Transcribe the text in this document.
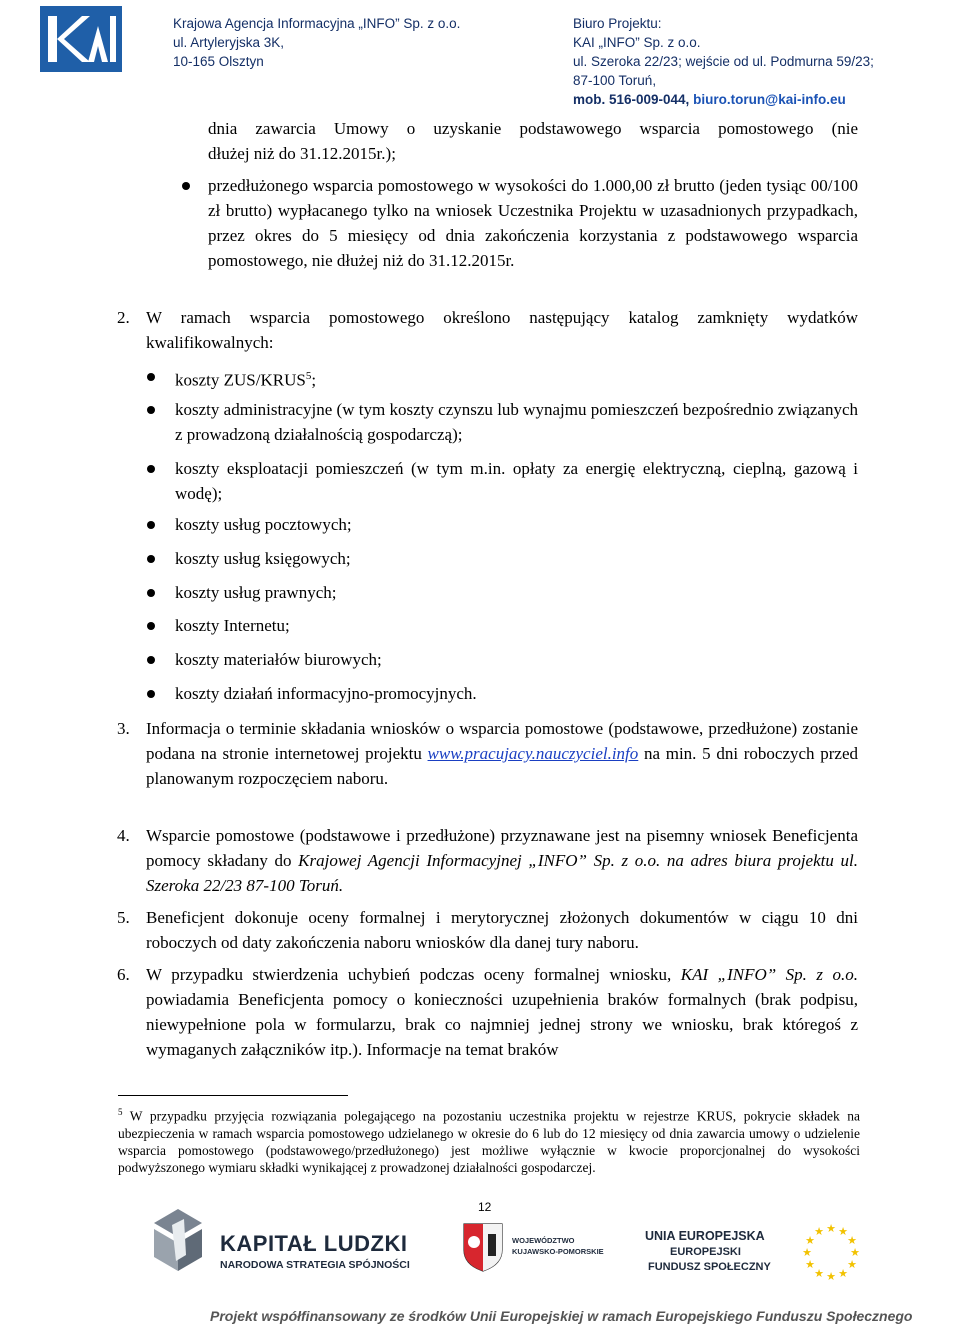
Krajowa Agencja Informacyjna „INFO” Sp. z o.o.
ul. Artyleryjska 3K,
10-165 Olsztyn
Biuro Projektu:
KAI „INFO” Sp. z o.o.
ul. Szeroka 22/23; wejście od ul. Podmurna 59/23;
87-100 Toruń,
mob. 516-009-044, biuro.torun@kai-info.eu
dnia zawarcia Umowy o uzyskanie podstawowego wsparcia pomostowego (nie
dłużej niż do 31.12.2015r.);
przedłużonego wsparcia pomostowego w wysokości do 1.000,00 zł brutto (jeden tysiąc 00/100 zł brutto) wypłacanego tylko na wniosek Uczestnika Projektu w uzasadnionych przypadkach, przez okres do 5 miesięcy od dnia zakończenia korzystania z podstawowego wsparcia pomostowego, nie dłużej niż do 31.12.2015r.
2. W ramach wsparcia pomostowego określono następujący katalog zamknięty wydatków kwalifikowalnych:
koszty ZUS/KRUS$^5$;
koszty administracyjne (w tym koszty czynszu lub wynajmu pomieszczeń bezpośrednio związanych z prowadzoną działalnością gospodarczą);
koszty eksploatacji pomieszczeń (w tym m.in. opłaty za energię elektryczną, cieplną, gazową i wodę);
koszty usług pocztowych;
koszty usług księgowych;
koszty usług prawnych;
koszty Internetu;
koszty materiałów biurowych;
koszty działań informacyjno-promocyjnych.
3. Informacja o terminie składania wniosków o wsparcia pomostowe (podstawowe, przedłużone) zostanie podana na stronie internetowej projektu www.pracujacy.nauczyciel.info na min. 5 dni roboczych przed planowanym rozpoczęciem naboru.
4. Wsparcie pomostowe (podstawowe i przedłużone) przyznawane jest na pisemny wniosek Beneficjenta pomocy składany do Krajowej Agencji Informacyjnej „INFO” Sp. z o.o. na adres biura projektu ul. Szeroka 22/23 87-100 Toruń.
5. Beneficjent dokonuje oceny formalnej i merytorycznej złożonych dokumentów w ciągu 10 dni roboczych od daty zakończenia naboru wniosków dla danej tury naboru.
6. W przypadku stwierdzenia uchybień podczas oceny formalnej wniosku, KAI „INFO” Sp. z o.o. powiadamia Beneficjenta pomocy o konieczności uzupełnienia braków formalnych (brak podpisu, niewypełnione pola w formularzu, brak co najmniej jednej strony we wniosku, brak któregoś z wymaganych załączników itp.). Informacje na temat braków
$^5$ W przypadku przyjęcia rozwiązania polegającego na pozostaniu uczestnika projektu w rejestrze KRUS, pokrycie składek na ubezpieczenia w ramach wsparcia pomostowego udzielanego w okresie do 6 lub do 12 miesięcy od dnia zawarcia umowy o udzielenie wsparcia pomostowego (podstawowego/przedłużonego) jest możliwe wyłącznie w kwocie proporcjonalnej do wysokości podwyższonego wymiaru składki wynikającej z prowadzonej działalności gospodarczej.
12
KAPITAŁ LUDZKI
NARODOWA STRATEGIA SPÓJNOŚCI
WOJEWÓDZTWO
KUJAWSKO-POMORSKIE
UNIA EUROPEJSKA
EUROPEJSKI
FUNDUSZ SPOŁECZNY
★ ★
★
★
★
★
★
★
★
★
★
★
Projekt współfinansowany ze środków Unii Europejskiej w ramach Europejskiego Funduszu Społecznego
